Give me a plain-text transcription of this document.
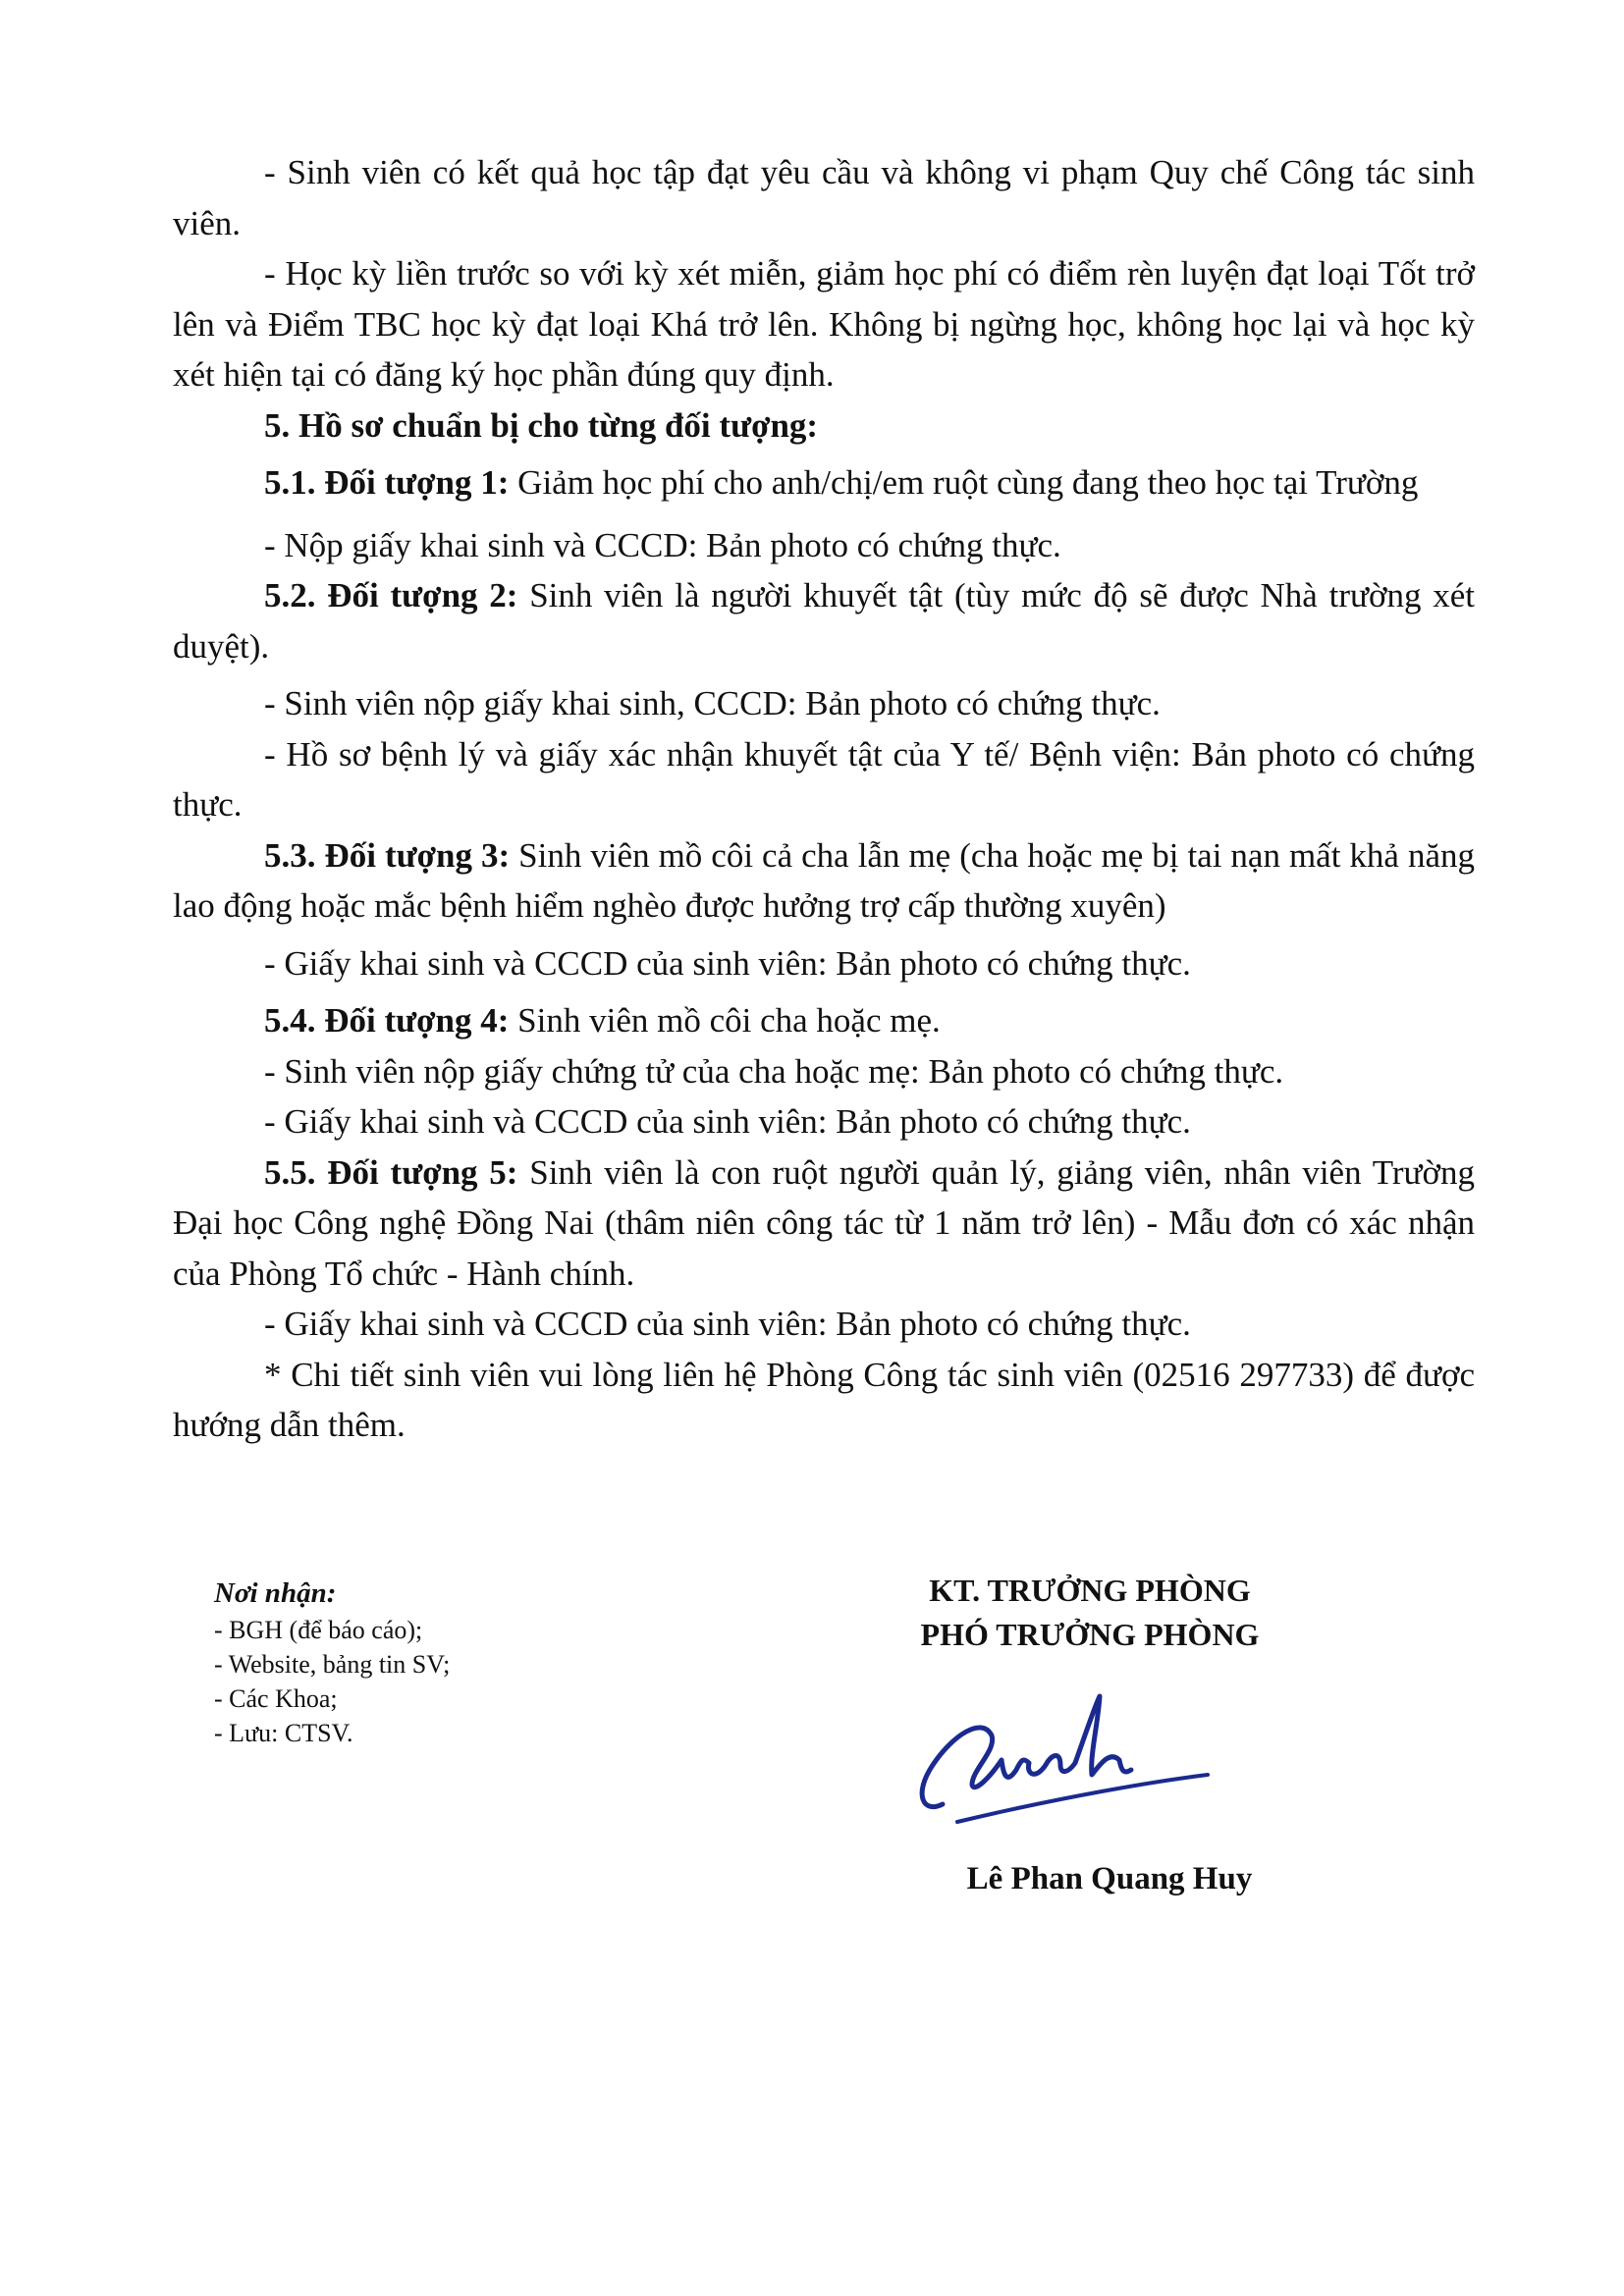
- Sinh viên có kết quả học tập đạt yêu cầu và không vi phạm Quy chế Công tác sinh viên.

- Học kỳ liền trước so với kỳ xét miễn, giảm học phí có điểm rèn luyện đạt loại Tốt trở lên và Điểm TBC học kỳ đạt loại Khá trở lên. Không bị ngừng học, không học lại và học kỳ xét hiện tại có đăng ký học phần đúng quy định.

5. Hồ sơ chuẩn bị cho từng đối tượng:

5.1. Đối tượng 1: Giảm học phí cho anh/chị/em ruột cùng đang theo học tại Trường

- Nộp giấy khai sinh và CCCD: Bản photo có chứng thực.

5.2. Đối tượng 2: Sinh viên là người khuyết tật (tùy mức độ sẽ được Nhà trường xét duyệt).

- Sinh viên nộp giấy khai sinh, CCCD: Bản photo có chứng thực.

- Hồ sơ bệnh lý và giấy xác nhận khuyết tật của Y tế/ Bệnh viện: Bản photo có chứng thực.

5.3. Đối tượng 3: Sinh viên mồ côi cả cha lẫn mẹ (cha hoặc mẹ bị tai nạn mất khả năng lao động hoặc mắc bệnh hiểm nghèo được hưởng trợ cấp thường xuyên)

- Giấy khai sinh và CCCD của sinh viên: Bản photo có chứng thực.

5.4. Đối tượng 4: Sinh viên mồ côi cha hoặc mẹ.

- Sinh viên nộp giấy chứng tử của cha hoặc mẹ: Bản photo có chứng thực.

- Giấy khai sinh và CCCD của sinh viên: Bản photo có chứng thực.

5.5. Đối tượng 5: Sinh viên là con ruột người quản lý, giảng viên, nhân viên Trường Đại học Công nghệ Đồng Nai (thâm niên công tác từ 1 năm trở lên) - Mẫu đơn có xác nhận của Phòng Tổ chức - Hành chính.

- Giấy khai sinh và CCCD của sinh viên: Bản photo có chứng thực.

* Chi tiết sinh viên vui lòng liên hệ Phòng Công tác sinh viên (02516 297733) để được hướng dẫn thêm.

Nơi nhận:
- BGH (để báo cáo);
- Website, bảng tin SV;
- Các Khoa;
- Lưu: CTSV.
KT. TRƯỞNG PHÒNG
PHÓ TRƯỞNG PHÒNG
Lê Phan Quang Huy
